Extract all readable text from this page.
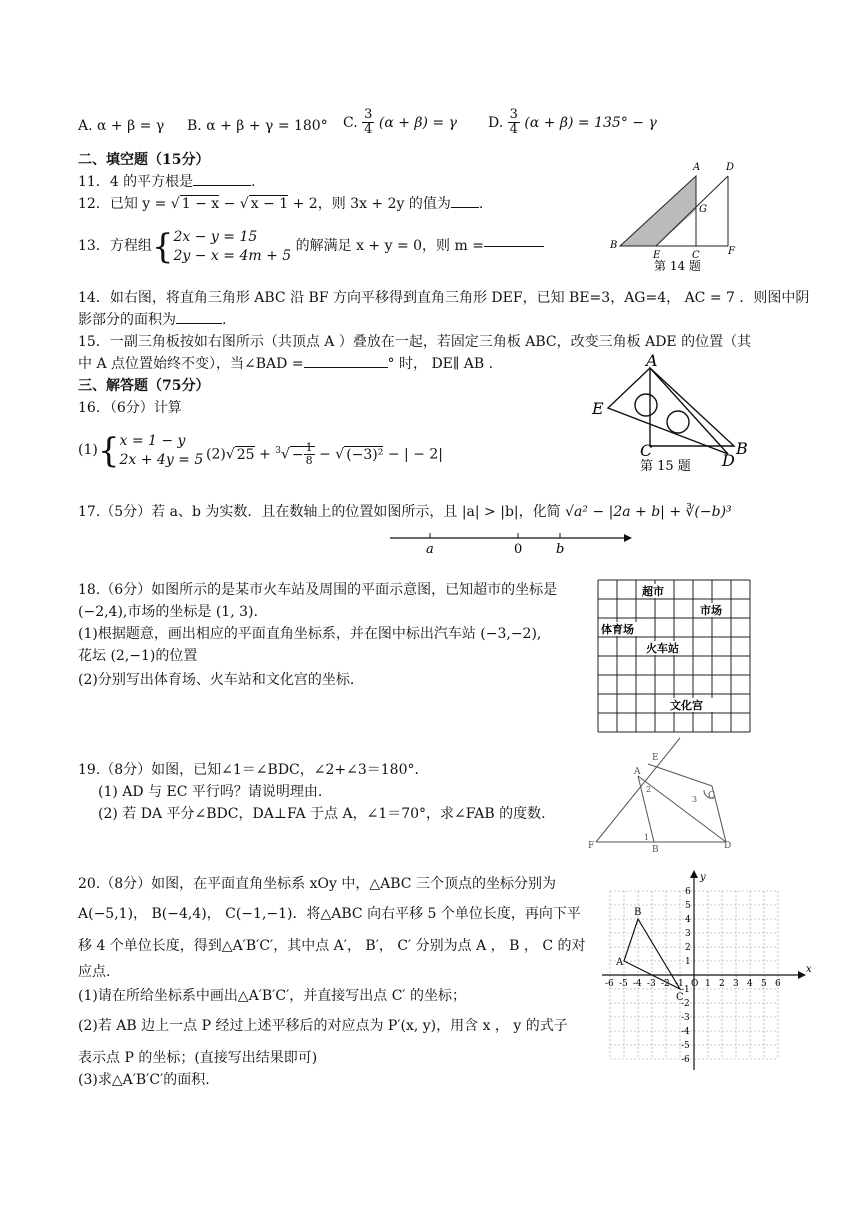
A. α + β = γ B. α + β + γ = 180° C. $\frac{3}{4} (\alpha + \beta) = \gamma$ D. $\frac{3}{4} (\alpha + \beta) = 135^\circ - \gamma$
二、填空题（15分）
11．4 的平方根是	.
12．已知 y = √ 1 − x − √ x − 1 + 2，则 3x + 2y 的值为 .
13．方程组{2x − y = 15
2y − x = 4m + 5 的解满足 x + y = 0，则 m =
14．如右图，将直角三角形 ABC 沿 BF 方向平移得到直角三角形 DEF，已知 BE=3，AG=4， AC = 7 ．则图中阴
影部分的面积为	.
15．一副三角板按如右图所示（共顶点 A ）叠放在一起，若固定三角板 ABC，改变三角板 ADE 的位置（其
中 A 点位置始终不变），当∠BAD =	° 时， DE∥ AB .
三、解答题（75分）
16．（6分）计算
(1){x = 1 − y
2x + 4y = 5 (2)√ $25 + ^3√ - \frac{1}{8}$ − √ (−3)² − | − 2|
17.（5分）若 a、b 为实数．且在数轴上的位置如图所示，且 |a| > |b|，化简 √a² − |2a + b| + ∛(−b)³
a	0	b
18.（6分）如图所示的是某市火车站及周围的平面示意图，已知超市的坐标是
(−2,4),市场的坐标是 (1, 3).
(1)根据题意，画出相应的平面直角坐标系，并在图中标出汽车站 (−3,−2),
花坛 (2,−1)的位置
(2)分别写出体育场、火车站和文化宫的坐标.
超市
市场
体育场
火车站
文化宫
19.（8分）如图，已知∠1＝∠BDC，∠2+∠3＝180°．
(1) AD 与 EC 平行吗？请说明理由.
(2) 若 DA 平分∠BDC，DA⊥FA 于点 A，∠1＝70°，求∠FAB 的度数.
E
A
C
F	B	D
1
2
3
20.（8分）如图，在平面直角坐标系 xOy 中，△ABC 三个顶点的坐标分别为
A(−5,1)， B(−4,4)， C(−1,−1)．将△ABC 向右平移 5 个单位长度，再向下平
移 4 个单位长度，得到△A′B′C′，其中点 A′， B′， C′ 分别为点 A ， B ， C 的对
应点.
(1)请在所给坐标系中画出△A′B′C′，并直接写出点 C′ 的坐标；
(2)若 AB 边上一点 P 经过上述平移后的对应点为 P′(x, y)，用含 x ， y 的式子
表示点 P 的坐标；(直接写出结果即可)
(3)求△A′B′C′的面积.
x
y
-6 -5 -4 -3 -2 -1 O 1 2 3 4 5 6
6
5
4
3
2
1
-1
-2
-3
-4
-5
-6
A
B
C
A	D
G
B
E	C	F
第 14 题
A
E
C	B
D
第 15 题
